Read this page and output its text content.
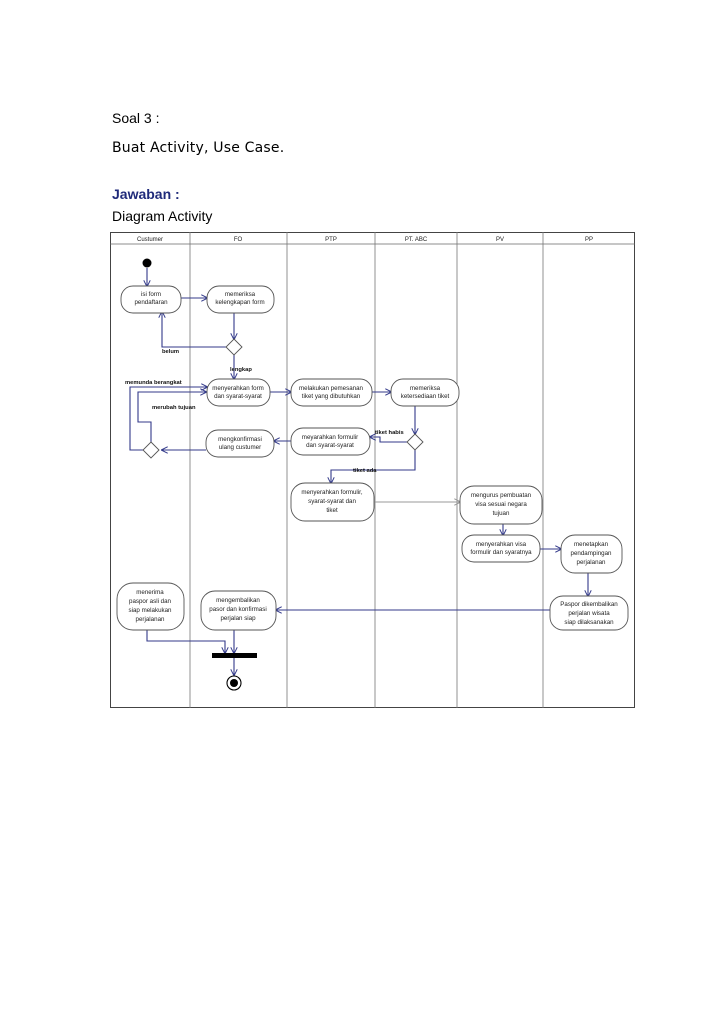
Soal 3 :
Buat Activity, Use Case.
Jawaban :
Diagram Activity
Custumer	FO	PTP	PT. ABC	PV	PP
isi form
pendaftaran
memeriksa
kelengkapan form
menyerahkan form
dan syarat-syarat
melakukan pemesanan
tiket yang dibutuhkan
memeriksa
ketersediaan tiket
mengkonfirmasi
ulang custumer
meyarahkan formulir
dan syarat-syarat
menyerahkan formulir,
syarat-syarat dan
tiket
mengurus pembuatan
visa sesuai negara
tujuan
menyerahkan visa
formulir dan syaratnya
menetapkan
pendampingan
perjalanan
Paspor dikembalikan
perjalan wisata
siap dilaksanakan
mengembalikan
pasor dan konfirmasi
perjalan siap
menerima
paspor asli dan
siap melakukan
perjalanan
belum
lengkap
memunda berangkat
merubah tujuan
tiket habis
tiket ada
